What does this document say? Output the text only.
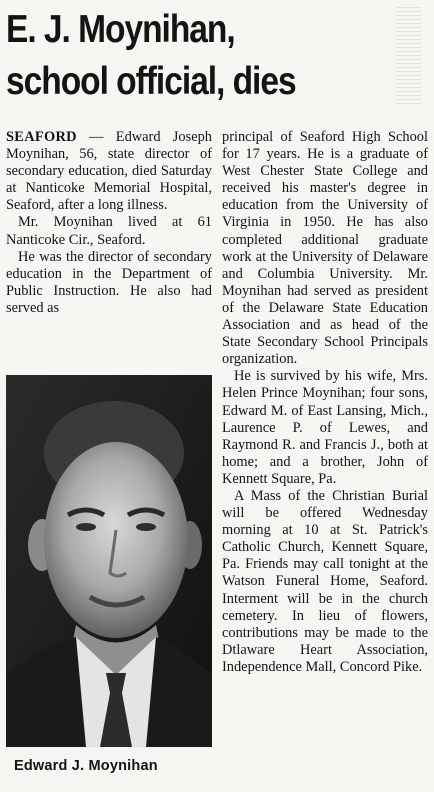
E. J. Moynihan,
school official, dies

SEAFORD — Edward Joseph Moynihan, 56, state director of secondary education, died Saturday at Nanticoke Memorial Hospital, Seaford, after a long illness.

Mr. Moynihan lived at 61 Nanticoke Cir., Seaford.

He was the director of secondary education in the Department of Public Instruction. He also had served as

Edward J. Moynihan

principal of Seaford High School for 17 years. He is a graduate of West Chester State College and received his master's degree in education from the University of Virginia in 1950. He has also completed additional graduate work at the University of Delaware and Columbia University. Mr. Moynihan had served as president of the Delaware State Education Association and as head of the State Secondary School Principals organization.

He is survived by his wife, Mrs. Helen Prince Moynihan; four sons, Edward M. of East Lansing, Mich., Laurence P. of Lewes, and Raymond R. and Francis J., both at home; and a brother, John of Kennett Square, Pa.

A Mass of the Christian Burial will be offered Wednesday morning at 10 at St. Patrick's Catholic Church, Kennett Square, Pa. Friends may call tonight at the Watson Funeral Home, Seaford. Interment will be in the church cemetery. In lieu of flowers, contributions may be made to the Dtlaware Heart Association, Independence Mall, Concord Pike.
